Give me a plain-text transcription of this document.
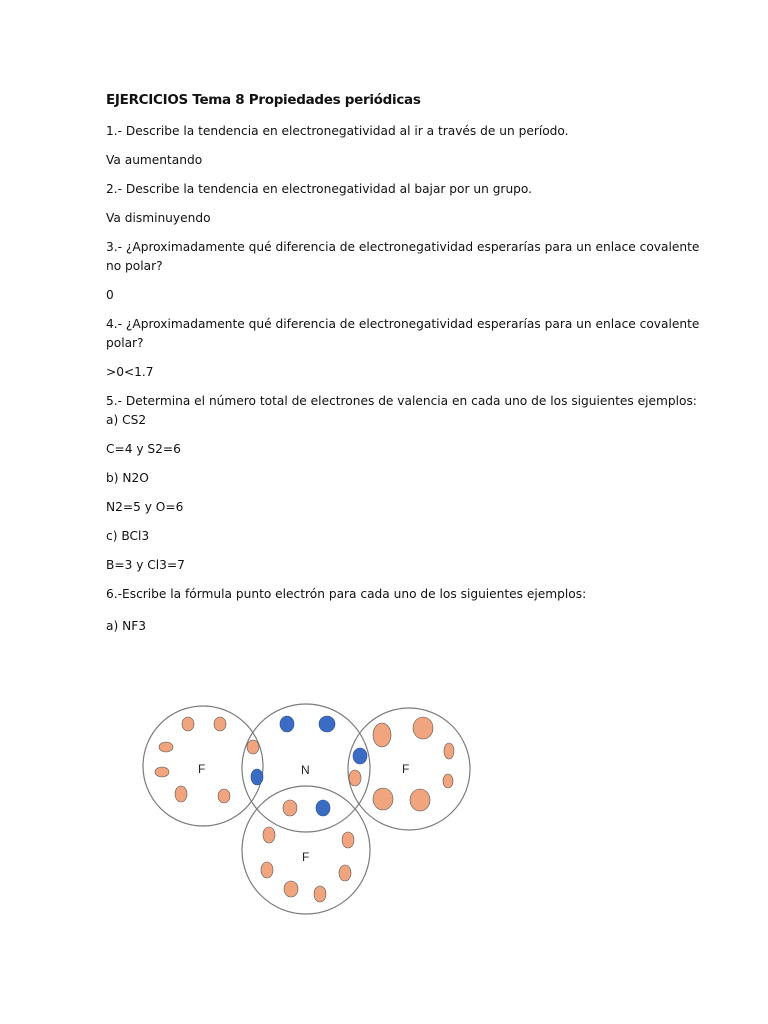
EJERCICIOS Tema 8 Propiedades periódicas
1.- Describe la tendencia en electronegatividad al ir a través de un período.
Va aumentando
2.- Describe la tendencia en electronegatividad al bajar por un grupo.
Va disminuyendo
3.- ¿Aproximadamente qué diferencia de electronegatividad esperarías para un enlace covalente
no polar?
0
4.- ¿Aproximadamente qué diferencia de electronegatividad esperarías para un enlace covalente
polar?
>0<1.7
5.- Determina el número total de electrones de valencia en cada uno de los siguientes ejemplos:
a) CS2
C=4 y S2=6
b) N2O
N2=5 y O=6
c) BCl3
B=3 y Cl3=7
6.-Escribe la fórmula punto electrón para cada uno de los siguientes ejemplos:
a) NF3
F	N	F
F
